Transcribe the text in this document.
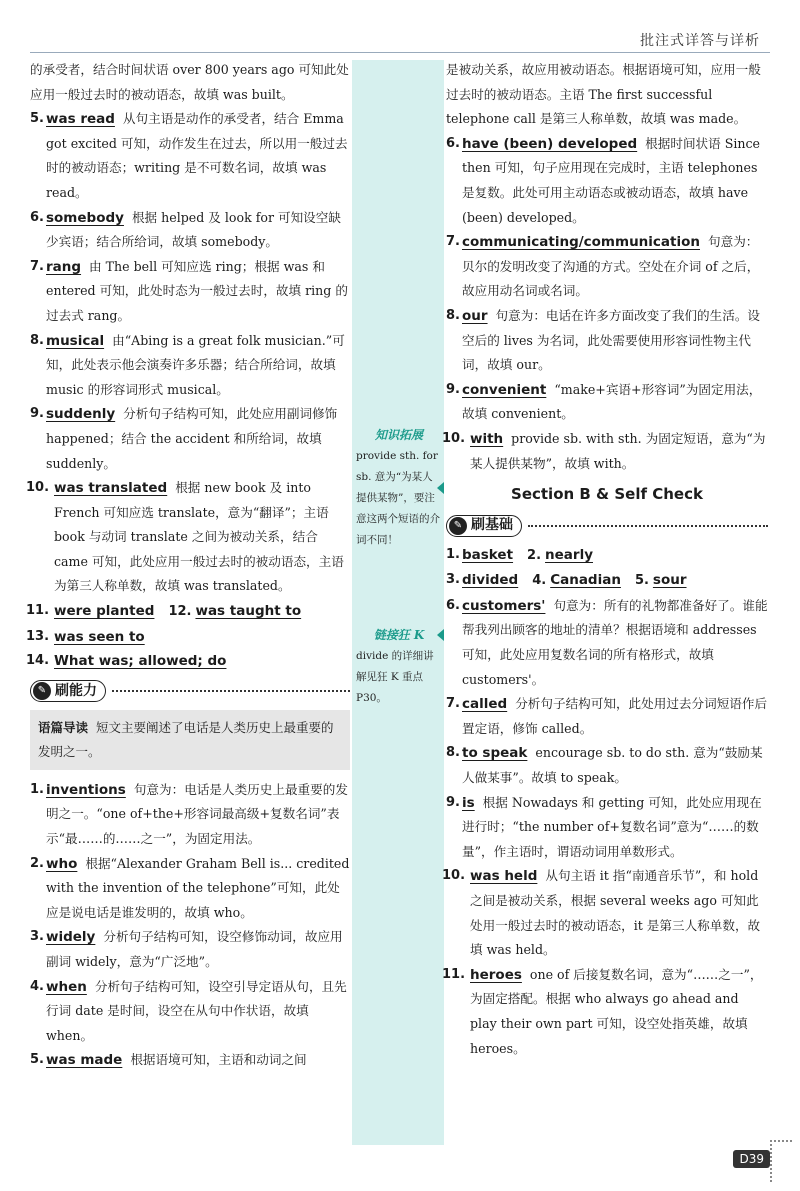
批注式详答与详析
的承受者，结合时间状语 over 800 years ago 可知此处应用一般过去时的被动语态，故填 was built。
5. was read 从句主语是动作的承受者，结合 Emma got excited 可知，动作发生在过去，所以用一般过去时的被动语态；writing 是不可数名词，故填 was read。
6. somebody 根据 helped 及 look for 可知设空缺少宾语；结合所给词，故填 somebody。
7. rang 由 The bell 可知应选 ring；根据 was 和 entered 可知，此处时态为一般过去时，故填 ring 的过去式 rang。
8. musical 由“Abing is a great folk musician.”可知，此处表示他会演奏许多乐器；结合所给词，故填 music 的形容词形式 musical。
9. suddenly 分析句子结构可知，此处应用副词修饰 happened；结合 the accident 和所给词，故填 suddenly。
10. was translated 根据 new book 及 into French 可知应选 translate，意为“翻译”；主语 book 与动词 translate 之间为被动关系，结合 came 可知，此处应用一般过去时的被动语态，主语为第三人称单数，故填 was translated。
11. were planted 12. was taught to
13. was seen to
14. What was; allowed; do
✎ 刷能力
语篇导读 短文主要阐述了电话是人类历史上最重要的发明之一。
1. inventions 句意为：电话是人类历史上最重要的发明之一。“one of+the+形容词最高级+复数名词”表示“最……的……之一”，为固定用法。
2. who 根据“Alexander Graham Bell is... credited with the invention of the telephone”可知，此处应是说电话是谁发明的，故填 who。
3. widely 分析句子结构可知，设空修饰动词，故应用副词 widely，意为“广泛地”。
4. when 分析句子结构可知，设空引导定语从句，且先行词 date 是时间，设空在从句中作状语，故填 when。
5. was made 根据语境可知，主语和动词之间
知识拓展
provide sth. for sb. 意为“为某人提供某物”，要注意这两个短语的介词不同！
链接狂 K
divide 的详细讲解见狂 K 重点 P30。
是被动关系，故应用被动语态。根据语境可知，应用一般过去时的被动语态。主语 The first successful telephone call 是第三人称单数，故填 was made。
6. have (been) developed 根据时间状语 Since then 可知，句子应用现在完成时，主语 telephones 是复数。此处可用主动语态或被动语态，故填 have (been) developed。
7. communicating/communication 句意为：贝尔的发明改变了沟通的方式。空处在介词 of 之后，故应用动名词或名词。
8. our 句意为：电话在许多方面改变了我们的生活。设空后的 lives 为名词，此处需要使用形容词性物主代词，故填 our。
9. convenient “make+宾语+形容词”为固定用法，故填 convenient。
10. with provide sb. with sth. 为固定短语，意为“为某人提供某物”，故填 with。
Section B & Self Check
✎ 刷基础
1. basket 2. nearly
3. divided 4. Canadian 5. sour
6. customers' 句意为：所有的礼物都准备好了。谁能帮我列出顾客的地址的清单？根据语境和 addresses 可知，此处应用复数名词的所有格形式，故填 customers'。
7. called 分析句子结构可知，此处用过去分词短语作后置定语，修饰 called。
8. to speak encourage sb. to do sth. 意为“鼓励某人做某事”。故填 to speak。
9. is 根据 Nowadays 和 getting 可知，此处应用现在进行时；“the number of+复数名词”意为“……的数量”，作主语时，谓语动词用单数形式。
10. was held 从句主语 it 指“南通音乐节”，和 hold 之间是被动关系，根据 several weeks ago 可知此处用一般过去时的被动语态，it 是第三人称单数，故填 was held。
11. heroes one of 后接复数名词，意为“……之一”，为固定搭配。根据 who always go ahead and play their own part 可知，设空处指英雄，故填 heroes。
D39
